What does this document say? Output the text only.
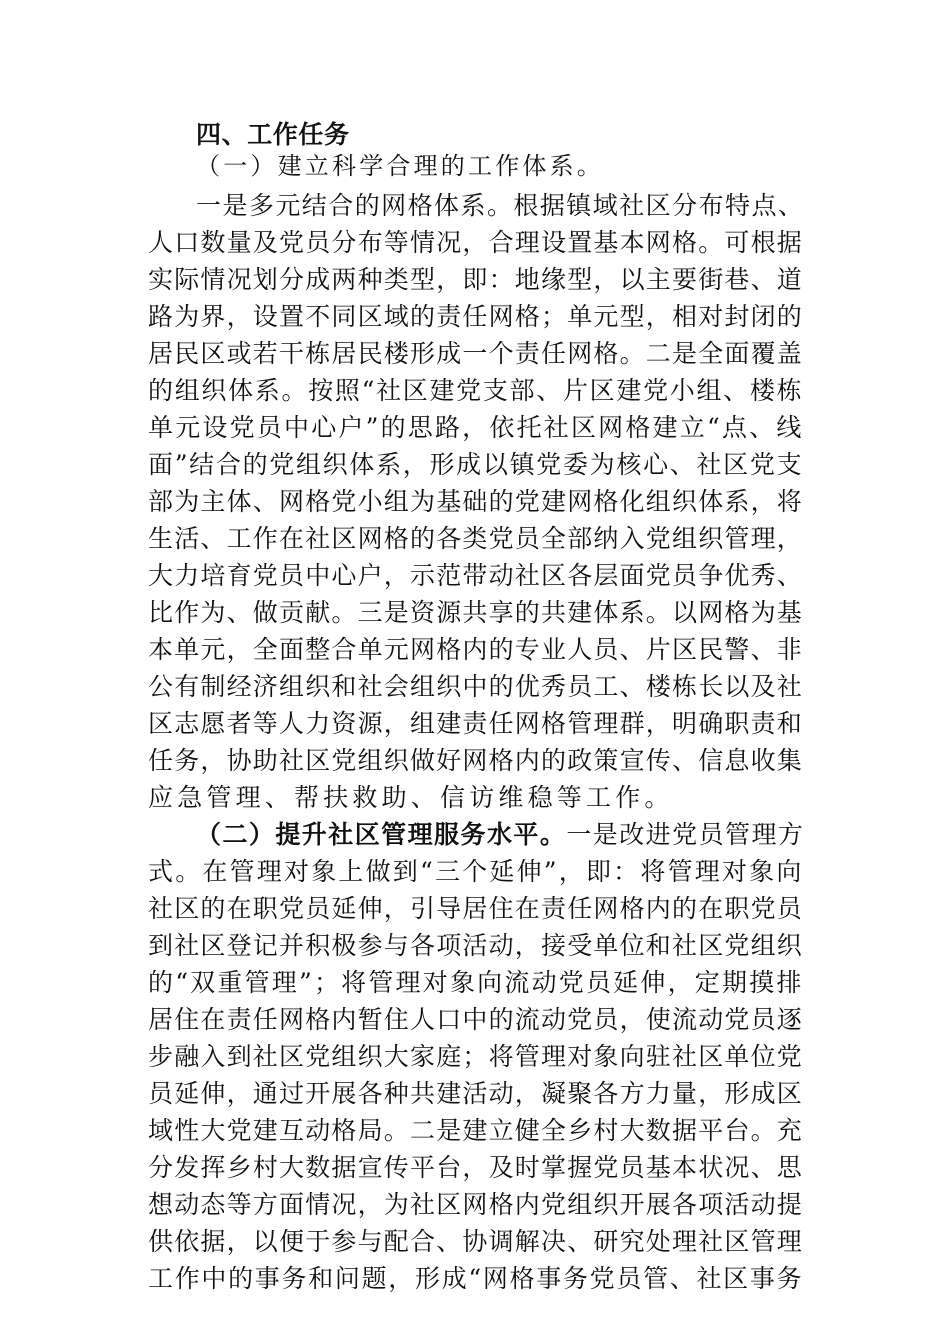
四、工作任务
（一）建立科学合理的工作体系。
一是多元结合的网格体系。根据镇域社区分布特点、
人口数量及党员分布等情况，合理设置基本网格。可根据
实际情况划分成两种类型，即：地缘型，以主要街巷、道
路为界，设置不同区域的责任网格；单元型，相对封闭的
居民区或若干栋居民楼形成一个责任网格。二是全面覆盖
的组织体系。按照“社区建党支部、片区建党小组、楼栋
单元设党员中心户”的思路，依托社区网格建立“点、线
面”结合的党组织体系，形成以镇党委为核心、社区党支
部为主体、网格党小组为基础的党建网格化组织体系，将
生活、工作在社区网格的各类党员全部纳入党组织管理，
大力培育党员中心户，示范带动社区各层面党员争优秀、
比作为、做贡献。三是资源共享的共建体系。以网格为基
本单元，全面整合单元网格内的专业人员、片区民警、非
公有制经济组织和社会组织中的优秀员工、楼栋长以及社
区志愿者等人力资源，组建责任网格管理群，明确职责和
任务，协助社区党组织做好网格内的政策宣传、信息收集
应急管理、帮扶救助、信访维稳等工作。
（二）提升社区管理服务水平。一是改进党员管理方
式。在管理对象上做到“三个延伸”，即：将管理对象向
社区的在职党员延伸，引导居住在责任网格内的在职党员
到社区登记并积极参与各项活动，接受单位和社区党组织
的“双重管理”；将管理对象向流动党员延伸，定期摸排
居住在责任网格内暂住人口中的流动党员，使流动党员逐
步融入到社区党组织大家庭；将管理对象向驻社区单位党
员延伸，通过开展各种共建活动，凝聚各方力量，形成区
域性大党建互动格局。二是建立健全乡村大数据平台。充
分发挥乡村大数据宣传平台，及时掌握党员基本状况、思
想动态等方面情况，为社区网格内党组织开展各项活动提
供依据，以便于参与配合、协调解决、研究处理社区管理
工作中的事务和问题，形成“网格事务党员管、社区事务
